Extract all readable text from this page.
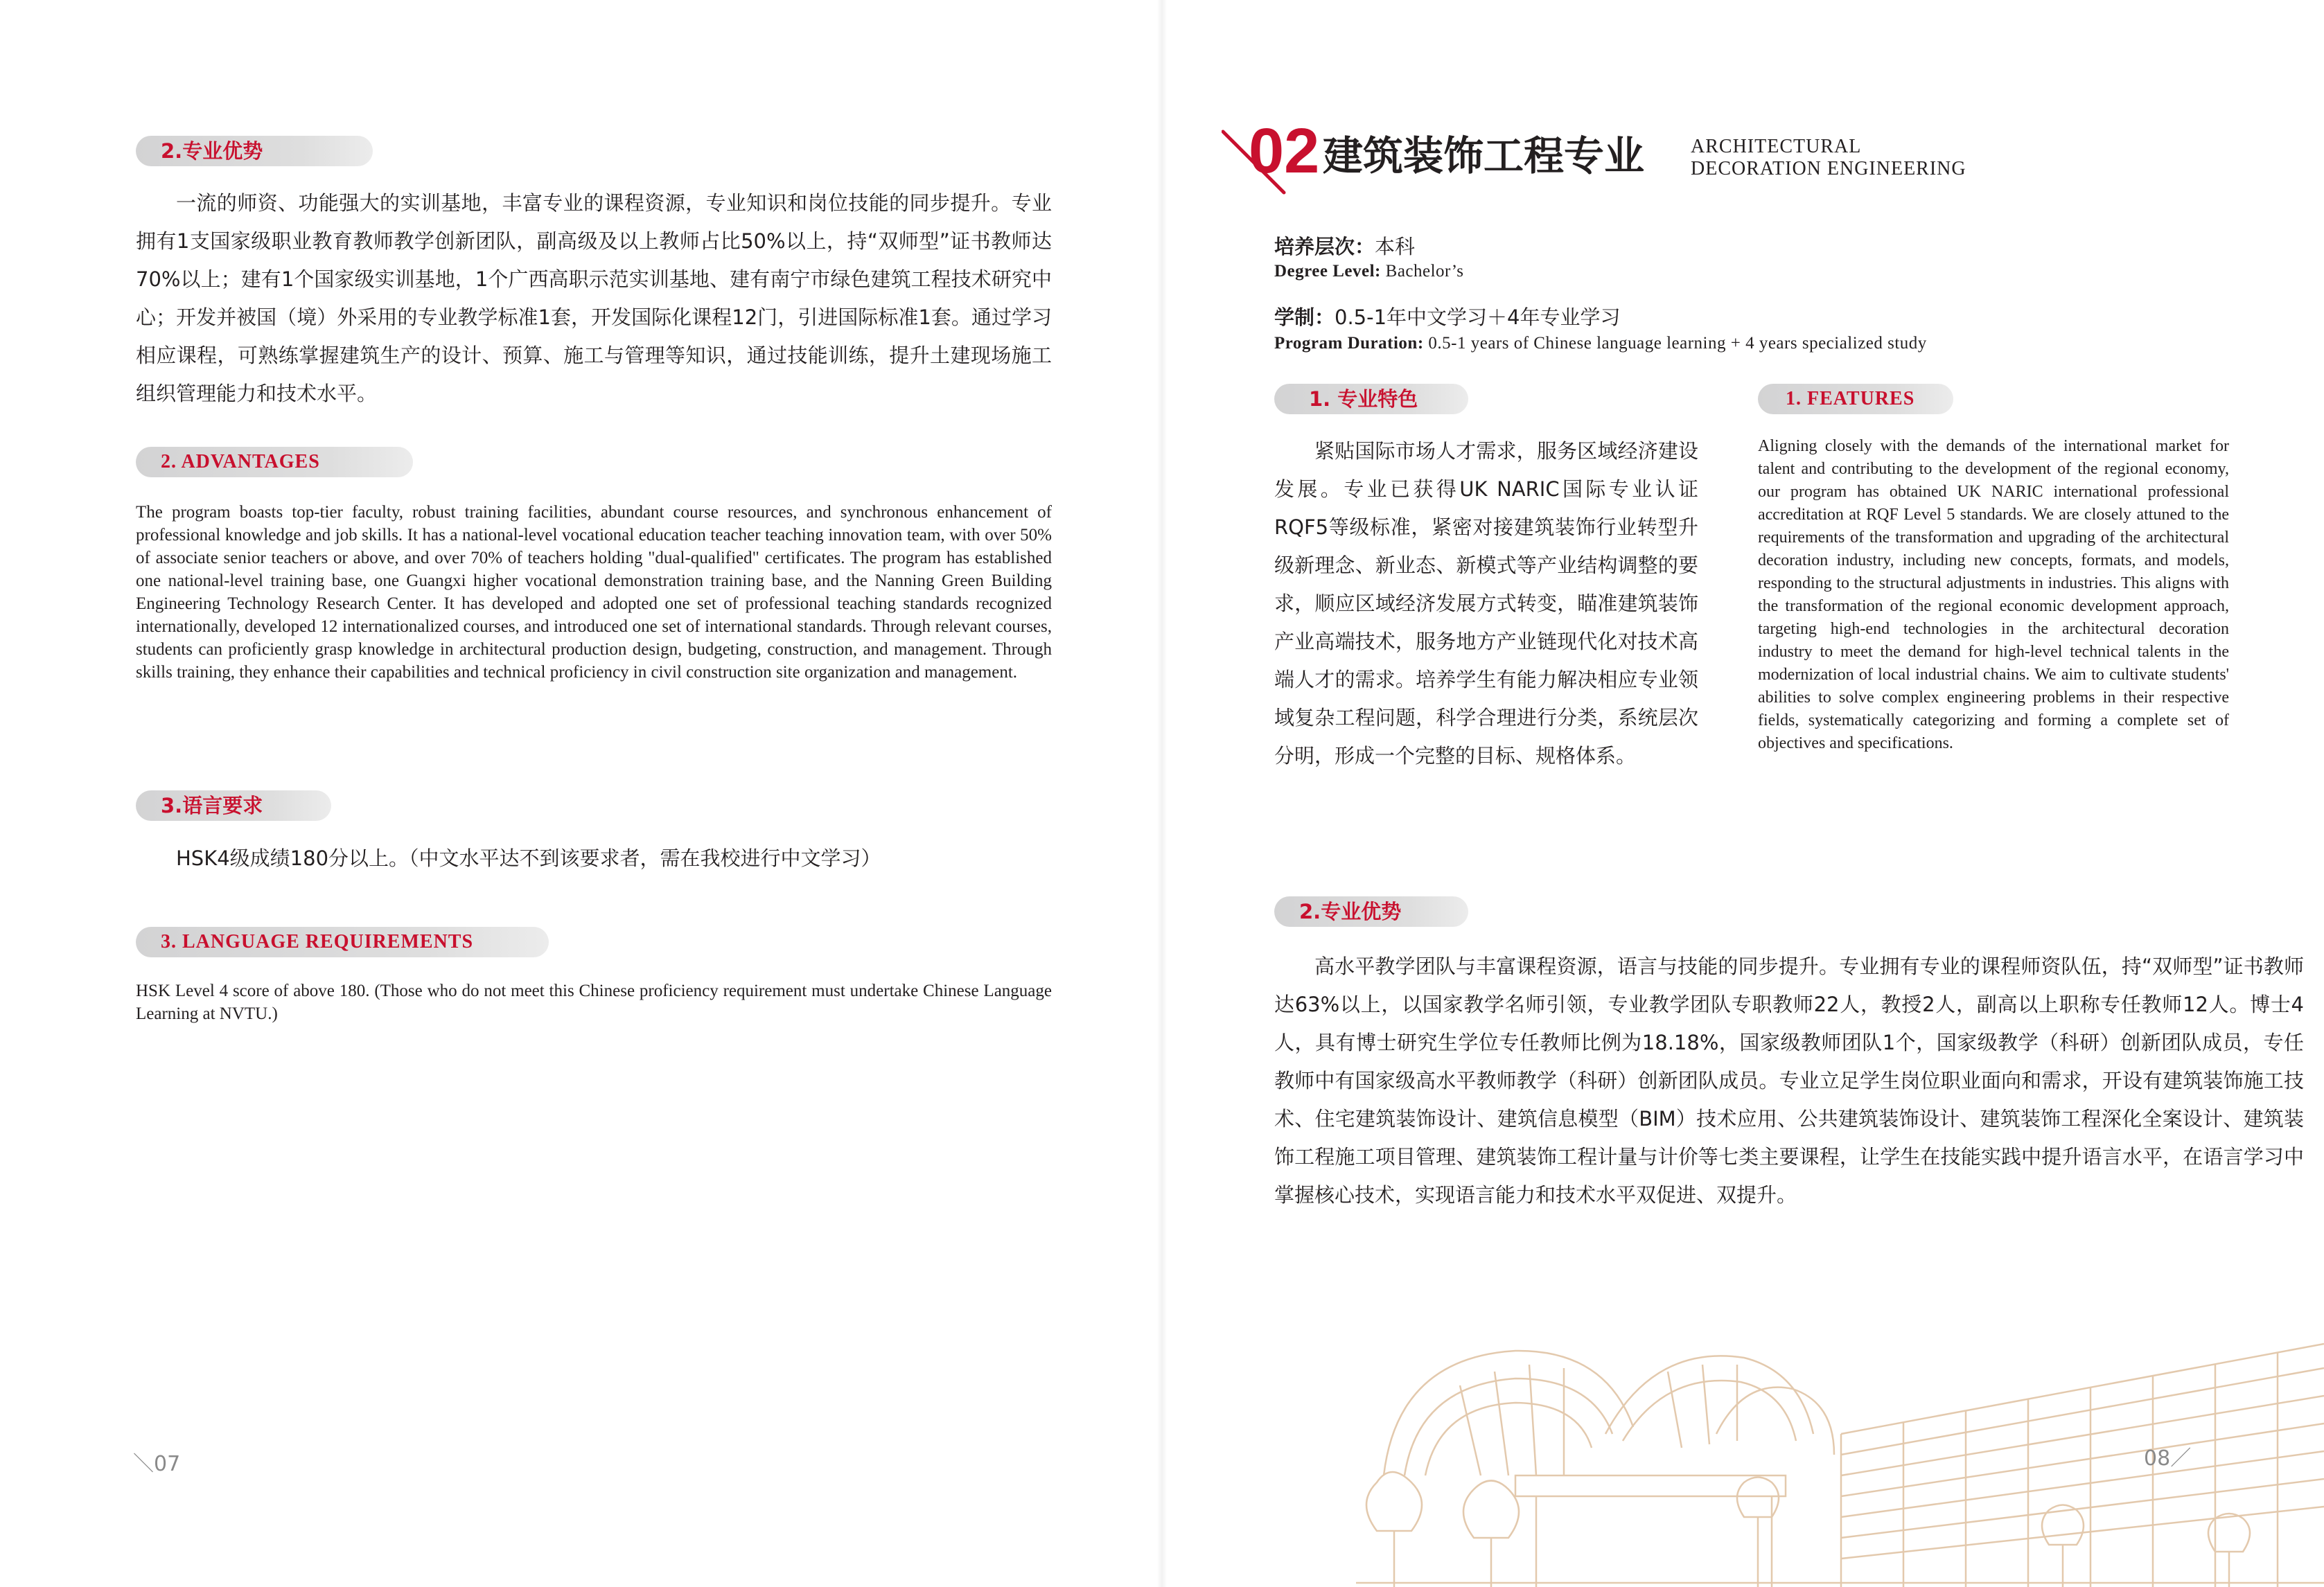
2.专业优势

一流的师资、功能强大的实训基地，丰富专业的课程资源，专业知识和岗位技能的同步提升。专业拥有1支国家级职业教育教师教学创新团队，副高级及以上教师占比50%以上，持“双师型”证书教师达70%以上；建有1个国家级实训基地，1个广西高职示范实训基地、建有南宁市绿色建筑工程技术研究中心；开发并被国（境）外采用的专业教学标准1套，开发国际化课程12门，引进国际标准1套。通过学习相应课程，可熟练掌握建筑生产的设计、预算、施工与管理等知识，通过技能训练，提升土建现场施工组织管理能力和技术水平。

2. ADVANTAGES

The program boasts top-tier faculty, robust training facilities, abundant course resources, and synchronous enhancement of professional knowledge and job skills. It has a national-level vocational education teacher teaching innovation team, with over 50% of associate senior teachers or above, and over 70% of teachers holding "dual-qualified" certificates. The program has established one national-level training base, one Guangxi higher vocational demonstration training base, and the Nanning Green Building Engineering Technology Research Center. It has developed and adopted one set of professional teaching standards recognized internationally, developed 12 internationalized courses, and introduced one set of international standards. Through relevant courses, students can proficiently grasp knowledge in architectural production design, budgeting, construction, and management. Through skills training, they enhance their capabilities and technical proficiency in civil construction site organization and management.

3.语言要求

HSK4级成绩180分以上。（中文水平达不到该要求者，需在我校进行中文学习）

3. LANGUAGE REQUIREMENTS

HSK Level 4 score of above 180. (Those who do not meet this Chinese proficiency requirement must undertake Chinese Language Learning at NVTU.)

＼07
02 建筑装饰工程专业 ARCHITECTURAL
DECORATION ENGINEERING
培养层次：本科
Degree Level: Bachelor’s
学制：0.5-1年中文学习＋4年专业学习
Program Duration: 0.5-1 years of Chinese language learning + 4 years specialized study
1. 专业特色

紧贴国际市场人才需求，服务区域经济建设发展。专业已获得UK NARIC国际专业认证RQF5等级标准，紧密对接建筑装饰行业转型升级新理念、新业态、新模式等产业结构调整的要求，顺应区域经济发展方式转变，瞄准建筑装饰产业高端技术，服务地方产业链现代化对技术高端人才的需求。培养学生有能力解决相应专业领域复杂工程问题，科学合理进行分类，系统层次分明，形成一个完整的目标、规格体系。

1. FEATURES

Aligning closely with the demands of the international market for talent and contributing to the development of the regional economy, our program has obtained UK NARIC international professional accreditation at RQF Level 5 standards. We are closely attuned to the requirements of the transformation and upgrading of the architectural decoration industry, including new concepts, formats, and models, responding to the structural adjustments in industries. This aligns with the transformation of the regional economic development approach, targeting high-end technologies in the architectural decoration industry to meet the demand for high-level technical talents in the modernization of local industrial chains. We aim to cultivate students' abilities to solve complex engineering problems in their respective fields, systematically categorizing and forming a complete set of objectives and specifications.

2.专业优势

高水平教学团队与丰富课程资源，语言与技能的同步提升。专业拥有专业的课程师资队伍，持“双师型”证书教师达63%以上，以国家教学名师引领，专业教学团队专职教师22人，教授2人，副高以上职称专任教师12人。博士4人，具有博士研究生学位专任教师比例为18.18%，国家级教师团队1个，国家级教学（科研）创新团队成员，专任教师中有国家级高水平教师教学（科研）创新团队成员。专业立足学生岗位职业面向和需求，开设有建筑装饰施工技术、住宅建筑装饰设计、建筑信息模型（BIM）技术应用、公共建筑装饰设计、建筑装饰工程深化全案设计、建筑装饰工程施工项目管理、建筑装饰工程计量与计价等七类主要课程，让学生在技能实践中提升语言水平，在语言学习中掌握核心技术，实现语言能力和技术水平双促进、双提升。

08／
